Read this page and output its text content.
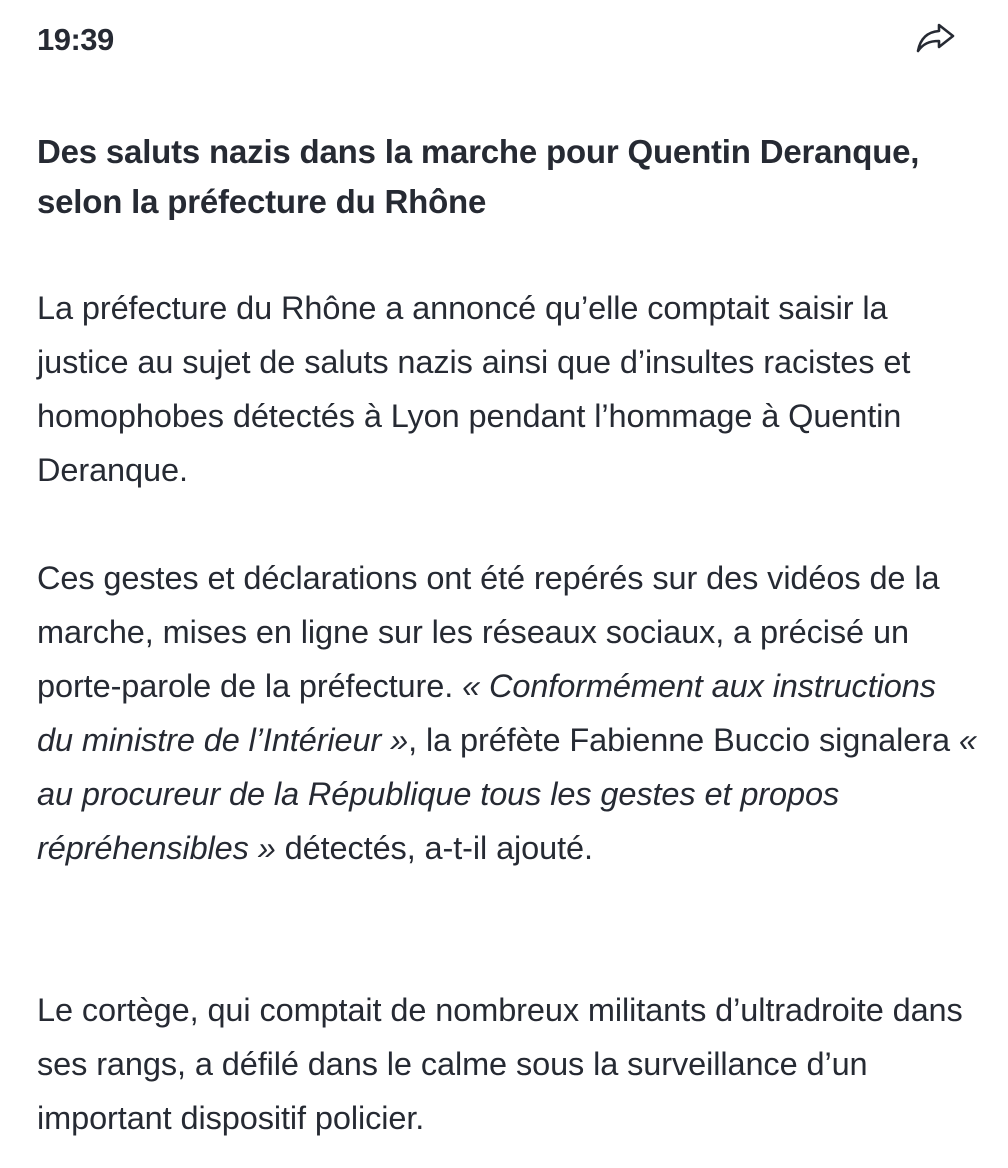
19:39
Des saluts nazis dans la marche pour Quentin Deranque, selon la préfecture du Rhône

La préfecture du Rhône a annoncé qu’elle comptait saisir la justice au sujet de saluts nazis ainsi que d’insultes racistes et homophobes détectés à Lyon pendant l’hommage à Quentin Deranque.

Ces gestes et déclarations ont été repérés sur des vidéos de la marche, mises en ligne sur les réseaux sociaux, a précisé un porte-parole de la préfecture. « Conformément aux instructions du ministre de l’Intérieur », la préfète Fabienne Buccio signalera « au procureur de la République tous les gestes et propos répréhensibles » détectés, a-t-il ajouté.

Le cortège, qui comptait de nombreux militants d’ultradroite dans ses rangs, a défilé dans le calme sous la surveillance d’un important dispositif policier.
